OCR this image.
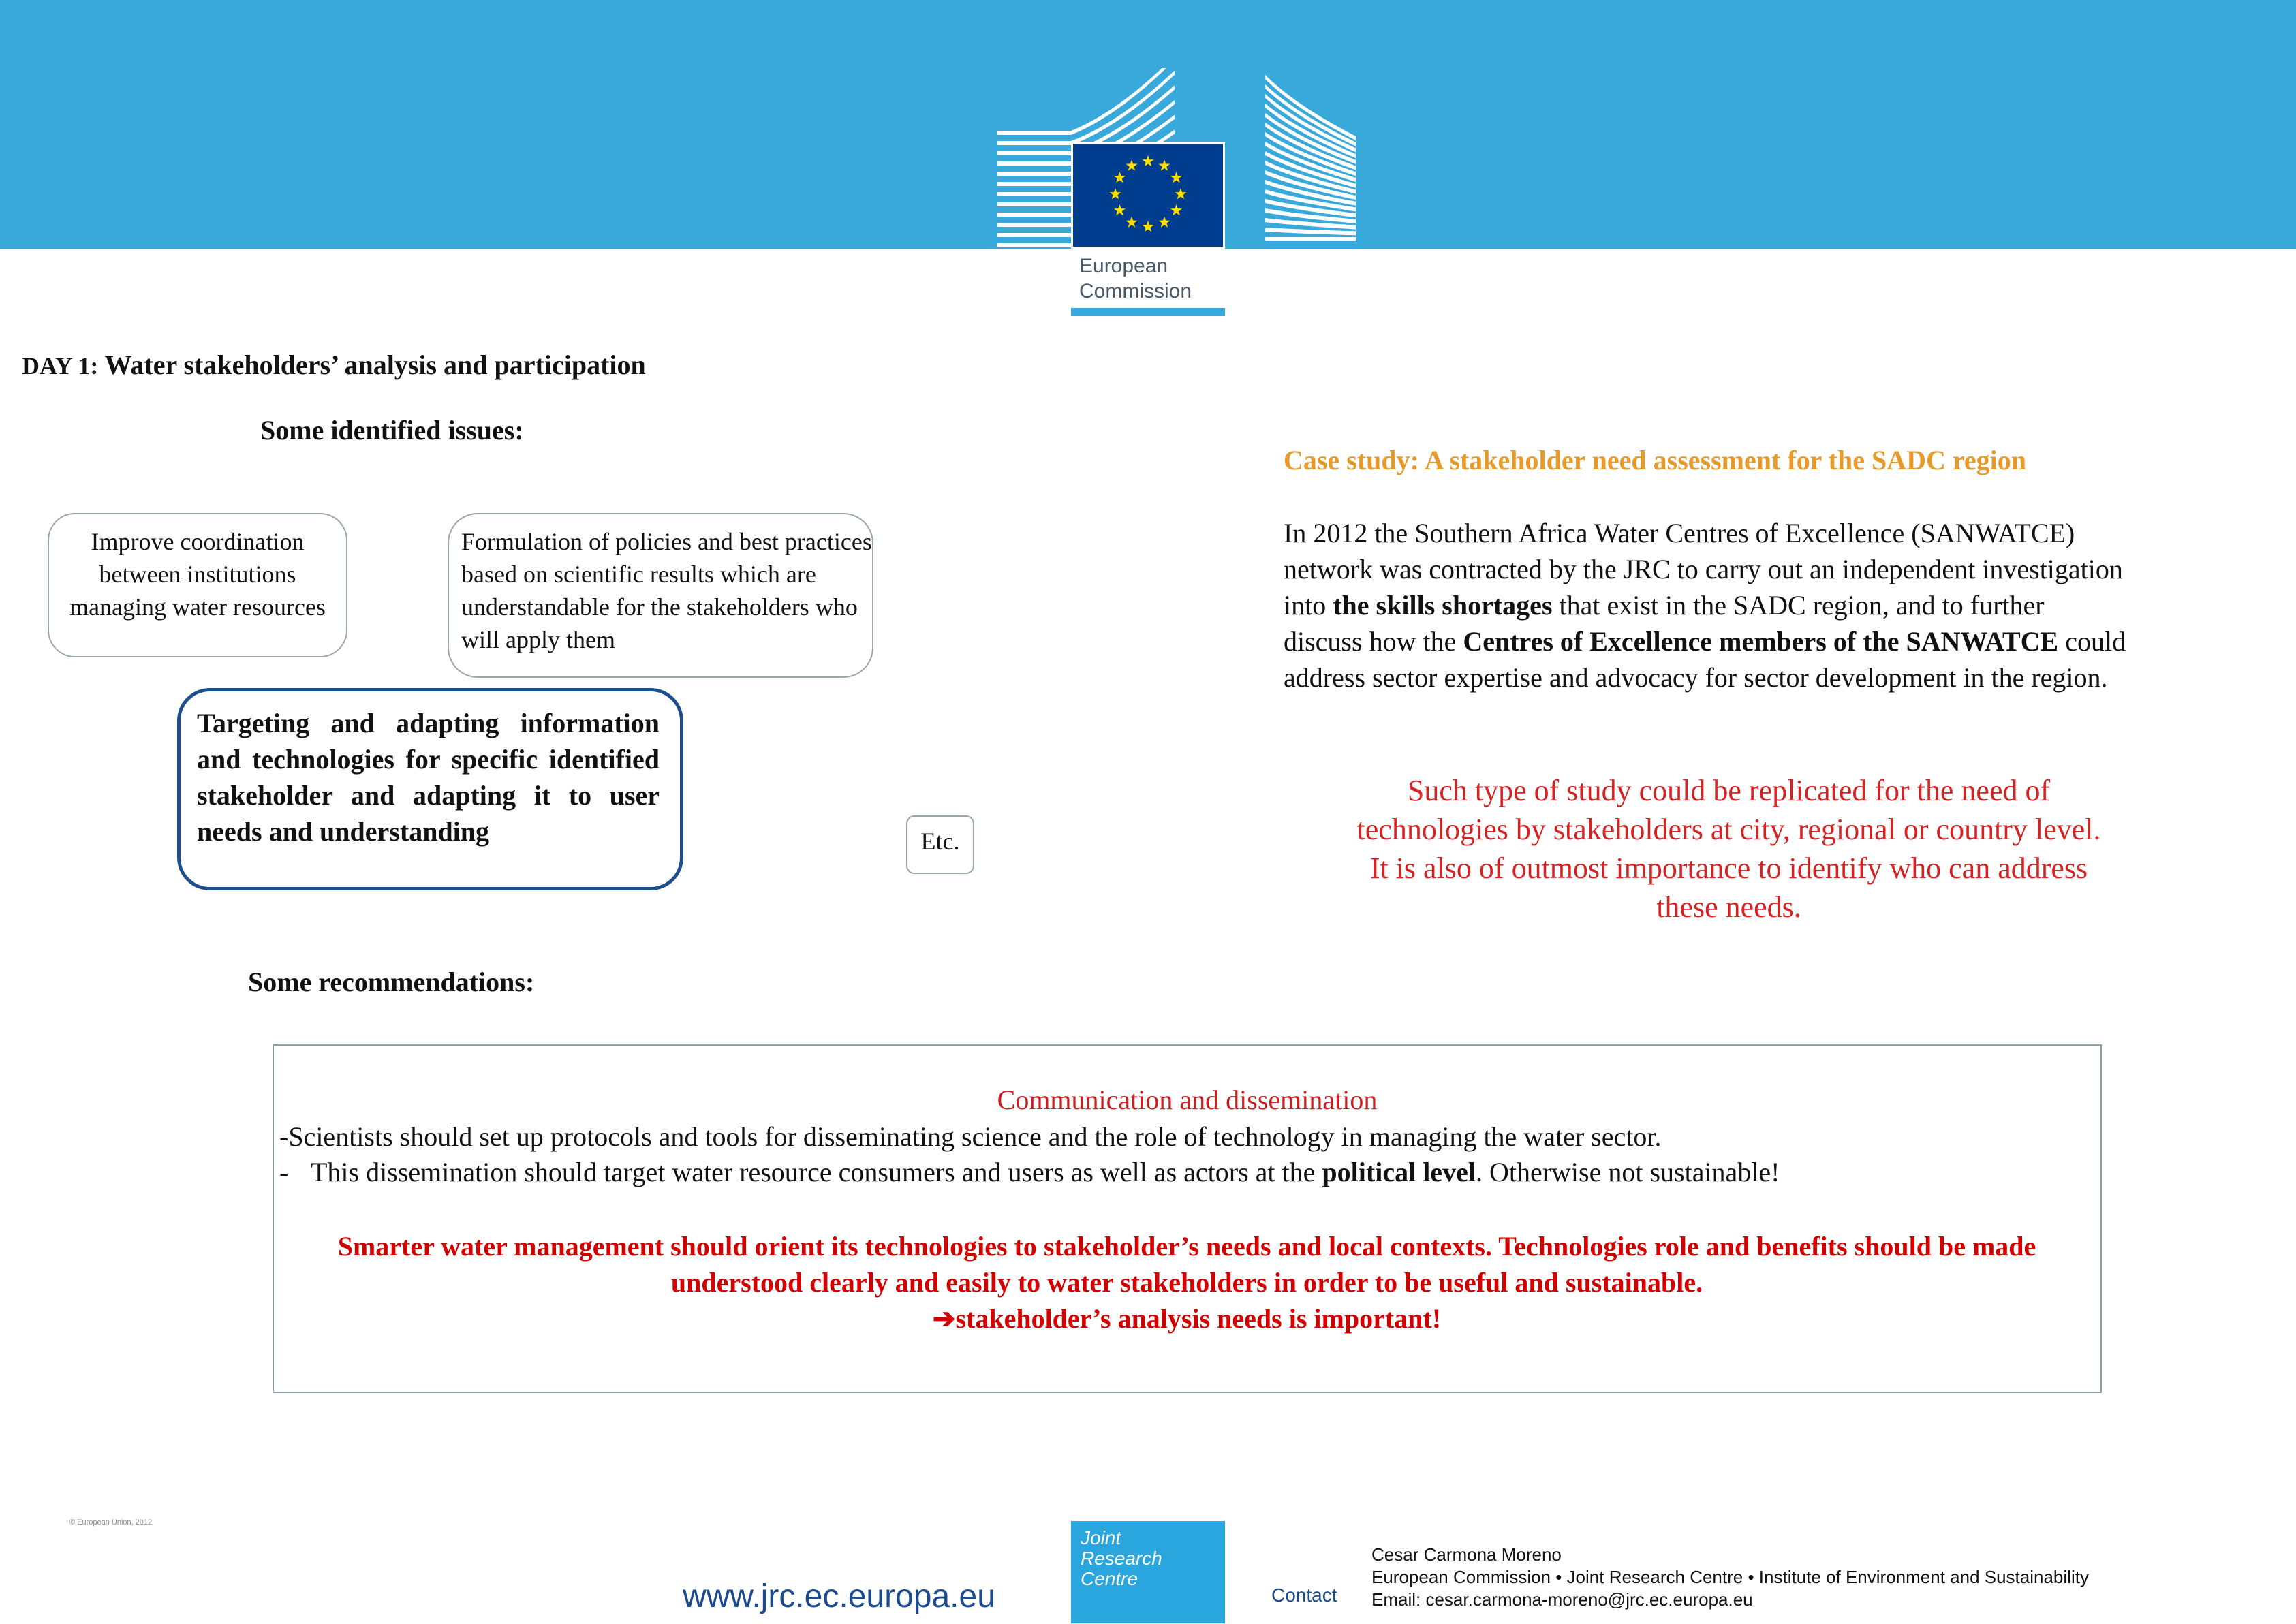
European
Commission
DAY 1: Water stakeholders’ analysis and participation
Some identified issues:
Improve coordination between institutions managing water resources
Formulation of policies and best practices based on scientific results which are understandable for the stakeholders who will apply them
Targeting and adapting information and technologies for specific identified stakeholder and adapting it to user needs and understanding	Etc.
Case study: A stakeholder need assessment for the SADC region
In 2012 the Southern Africa Water Centres of Excellence (SANWATCE) network was contracted by the JRC to carry out an independent investigation into the skills shortages that exist in the SADC region, and to further discuss how the Centres of Excellence members of the SANWATCE could address sector expertise and advocacy for sector development in the region.
Such type of study could be replicated for the need of technologies by stakeholders at city, regional or country level. It is also of outmost importance to identify who can address these needs.
Some recommendations:
Communication and dissemination
-Scientists should set up protocols and tools for disseminating science and the role of technology in managing the water sector.
- This dissemination should target water resource consumers and users as well as actors at the political level. Otherwise not sustainable!
Smarter water management should orient its technologies to stakeholder’s needs and local contexts. Technologies role and benefits should be made understood clearly and easily to water stakeholders in order to be useful and sustainable.
➔stakeholder’s analysis needs is important!
© European Union, 2012
www.jrc.ec.europa.eu
Joint
Research
Centre
Contact
Cesar Carmona Moreno
European Commission • Joint Research Centre • Institute of Environment and Sustainability
Email: cesar.carmona-moreno@jrc.ec.europa.eu
